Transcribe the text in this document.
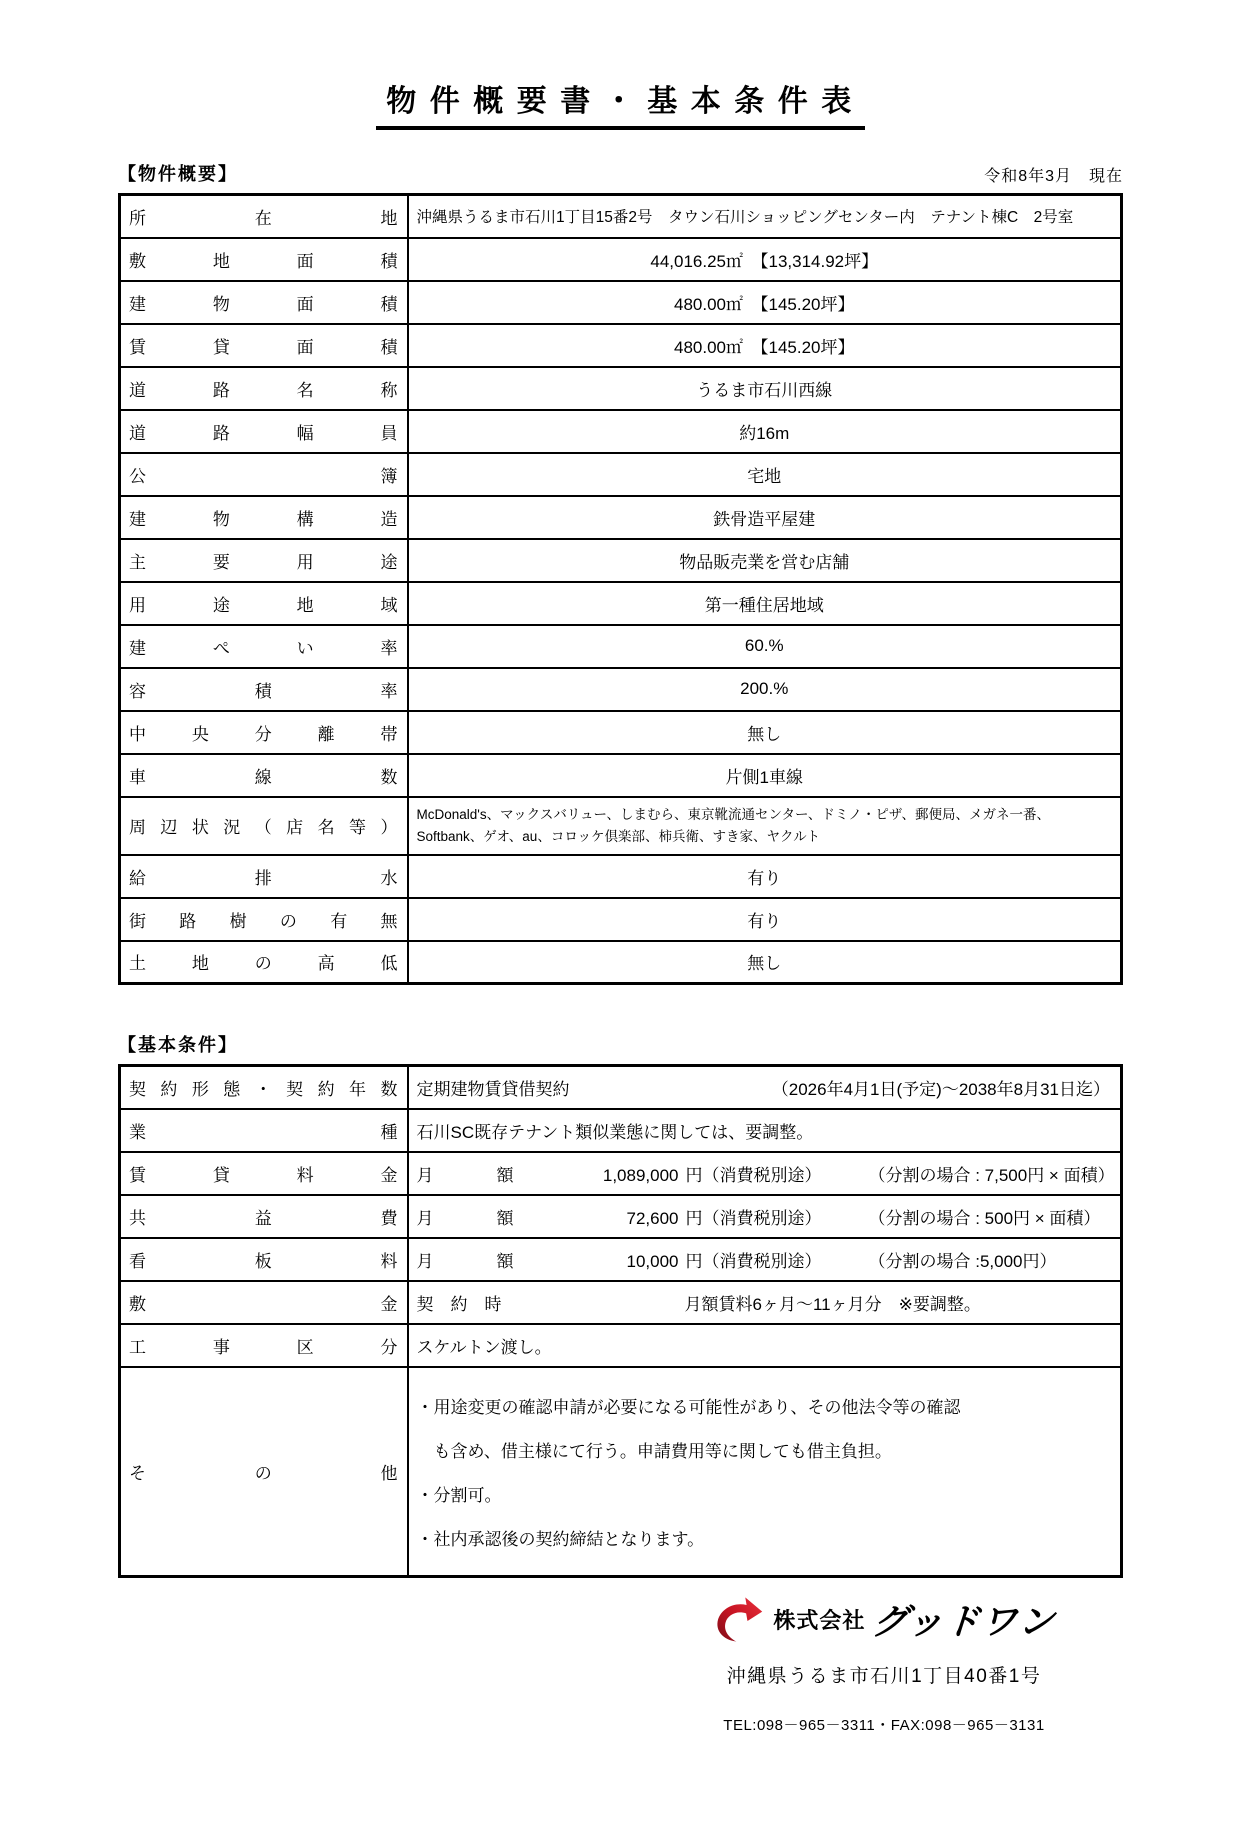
物件概要書・基本条件表
【物件概要】	令和8年3月　現在
所 在 地	沖縄県うるま市石川1丁目15番2号　タウン石川ショッピングセンター内　テナント棟C　2号室

敷 地 面 積	44,016.25㎡　【13,314.92坪】

建 物 面 積	480.00㎡　【145.20坪】

賃 貸 面 積	480.00㎡　【145.20坪】

道 路 名 称	うるま市石川西線

道 路 幅 員	約16m

公 簿	宅地

建 物 構 造	鉄骨造平屋建

主 要 用 途	物品販売業を営む店舗

用 途 地 域	第一種住居地域

建 ぺ い 率	60.%

容 積 率	200.%

中 央 分 離 帯	無し

車 線 数	片側1車線

周 辺 状 況 （ 店 名 等 ）	McDonald's、マックスバリュー、しまむら、東京靴流通センター、ドミノ・ピザ、郵便局、メガネ一番、
Softbank、ゲオ、au、コロッケ倶楽部、柿兵衛、すき家、ヤクルト

給 排 水	有り

街 路 樹 の 有 無	有り

土 地 の 高 低	無し
【基本条件】
契 約 形 態 ・ 契 約 年 数	定期建物賃貸借契約 （2026年4月1日(予定)～2038年8月31日迄）

業 種	石川SC既存テナント類似業態に関しては、要調整。

賃 貸 料 金	月 額 1,089,000 円（消費税別途） （分割の場合 : 7,500円 × 面積）

共 益 費	月 額 72,600 円（消費税別途） （分割の場合 : 500円 × 面積）

看 板 料	月 額 10,000 円（消費税別途） （分割の場合 :5,000円）

敷 金	契　約　時 月額賃料6ヶ月～11ヶ月分　※要調整。

工 事 区 分	スケルトン渡し。

そ の 他	・用途変更の確認申請が必要になる可能性があり、その他法令等の確認
　も含め、借主様にて行う。申請費用等に関しても借主負担。
・分割可。
・社内承認後の契約締結となります。
株式会社 グッドワン
沖縄県うるま市石川1丁目40番1号
TEL:098－965－3311・FAX:098－965－3131
